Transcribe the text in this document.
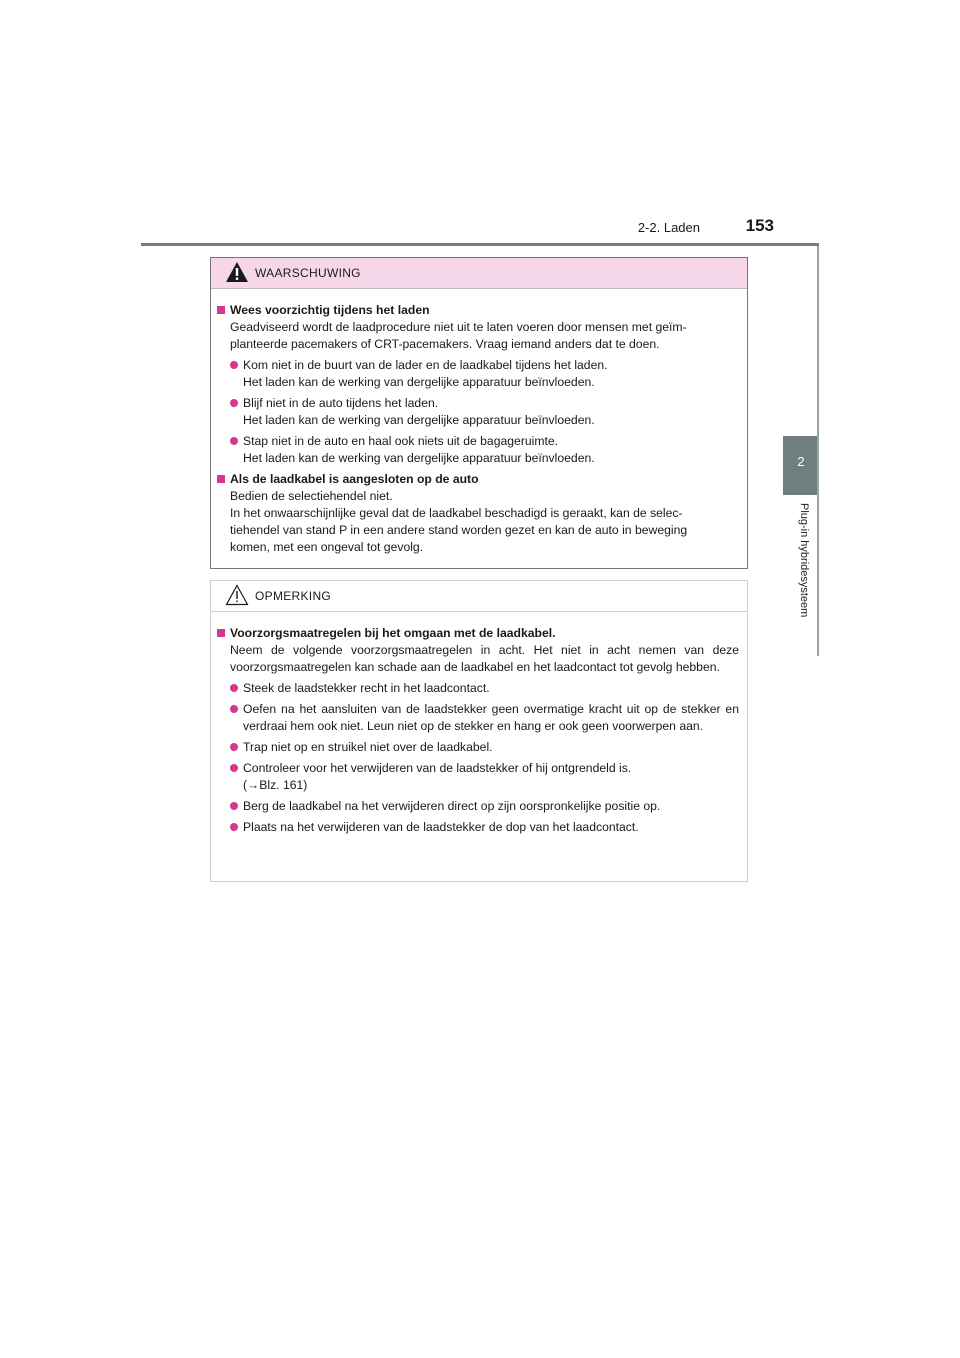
2-2. Laden	153
2
Plug-in hybridesysteem
WAARSCHUWING
Wees voorzichtig tijdens het laden
Geadviseerd wordt de laadprocedure niet uit te laten voeren door mensen met geïm-
planteerde pacemakers of CRT-pacemakers. Vraag iemand anders dat te doen.
Kom niet in de buurt van de lader en de laadkabel tijdens het laden.
Het laden kan de werking van dergelijke apparatuur beïnvloeden.
Blijf niet in de auto tijdens het laden.
Het laden kan de werking van dergelijke apparatuur beïnvloeden.
Stap niet in de auto en haal ook niets uit de bagageruimte.
Het laden kan de werking van dergelijke apparatuur beïnvloeden.
Als de laadkabel is aangesloten op de auto
Bedien de selectiehendel niet.
In het onwaarschijnlijke geval dat de laadkabel beschadigd is geraakt, kan de selec-
tiehendel van stand P in een andere stand worden gezet en kan de auto in beweging
komen, met een ongeval tot gevolg.
OPMERKING
Voorzorgsmaatregelen bij het omgaan met de laadkabel.
Neem de volgende voorzorgsmaatregelen in acht. Het niet in acht nemen van deze voorzorgsmaatregelen kan schade aan de laadkabel en het laadcontact tot gevolg hebben.
Steek de laadstekker recht in het laadcontact.
Oefen na het aansluiten van de laadstekker geen overmatige kracht uit op de stekker en verdraai hem ook niet. Leun niet op de stekker en hang er ook geen voorwerpen aan.
Trap niet op en struikel niet over de laadkabel.
Controleer voor het verwijderen van de laadstekker of hij ontgrendeld is.
(→Blz. 161)
Berg de laadkabel na het verwijderen direct op zijn oorspronkelijke positie op.
Plaats na het verwijderen van de laadstekker de dop van het laadcontact.
